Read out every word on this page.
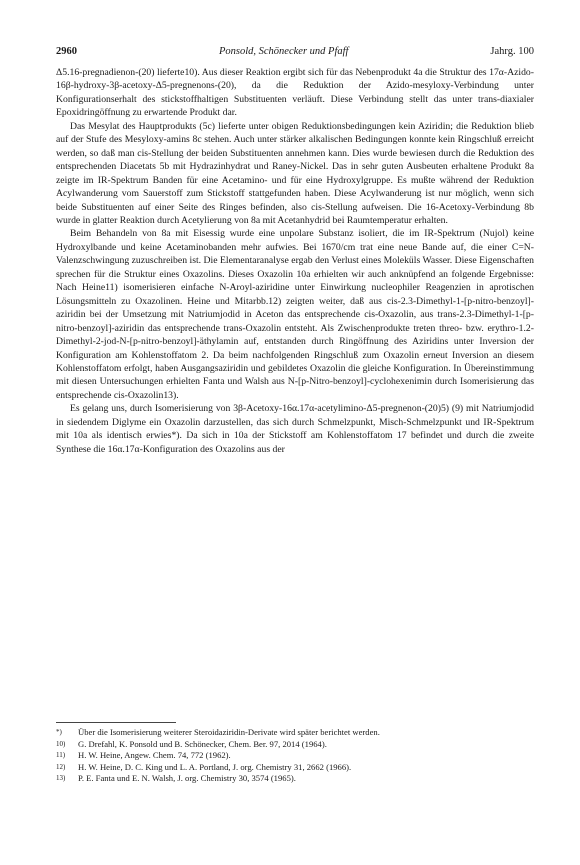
2960	Ponsold, Schönecker und Pfaff	Jahrg. 100

Δ5.16-pregnadienon-(20) lieferte10). Aus dieser Reaktion ergibt sich für das Nebenprodukt 4a die Struktur des 17α-Azido-16β-hydroxy-3β-acetoxy-Δ5-pregnenons-(20), da die Reduktion der Azido-mesyloxy-Verbindung unter Konfigurationserhalt des stickstoffhaltigen Substituenten verläuft. Diese Verbindung stellt das unter trans-diaxialer Epoxidringöffnung zu erwartende Produkt dar.

Das Mesylat des Hauptprodukts (5c) lieferte unter obigen Reduktionsbedingungen kein Aziridin; die Reduktion blieb auf der Stufe des Mesyloxy-amins 8c stehen. Auch unter stärker alkalischen Bedingungen konnte kein Ringschluß erreicht werden, so daß man cis-Stellung der beiden Substituenten annehmen kann. Dies wurde bewiesen durch die Reduktion des entsprechenden Diacetats 5b mit Hydrazinhydrat und Raney-Nickel. Das in sehr guten Ausbeuten erhaltene Produkt 8a zeigte im IR-Spektrum Banden für eine Acetamino- und für eine Hydroxylgruppe. Es mußte während der Reduktion Acylwanderung vom Sauerstoff zum Stickstoff stattgefunden haben. Diese Acylwanderung ist nur möglich, wenn sich beide Substituenten auf einer Seite des Ringes befinden, also cis-Stellung aufweisen. Die 16-Acetoxy-Verbindung 8b wurde in glatter Reaktion durch Acetylierung von 8a mit Acetanhydrid bei Raumtemperatur erhalten.

Beim Behandeln von 8a mit Eisessig wurde eine unpolare Substanz isoliert, die im IR-Spektrum (Nujol) keine Hydroxylbande und keine Acetaminobanden mehr aufwies. Bei 1670/cm trat eine neue Bande auf, die einer C=N-Valenzschwingung zuzuschreiben ist. Die Elementaranalyse ergab den Verlust eines Moleküls Wasser. Diese Eigenschaften sprechen für die Struktur eines Oxazolins. Dieses Oxazolin 10a erhielten wir auch anknüpfend an folgende Ergebnisse: Nach Heine11) isomerisieren einfache N-Aroyl-aziridine unter Einwirkung nucleophiler Reagenzien in aprotischen Lösungsmitteln zu Oxazolinen. Heine und Mitarbb.12) zeigten weiter, daß aus cis-2.3-Dimethyl-1-[p-nitro-benzoyl]-aziridin bei der Umsetzung mit Natriumjodid in Aceton das entsprechende cis-Oxazolin, aus trans-2.3-Dimethyl-1-[p-nitro-benzoyl]-aziridin das entsprechende trans-Oxazolin entsteht. Als Zwischenprodukte treten threo- bzw. erythro-1.2-Dimethyl-2-jod-N-[p-nitro-benzoyl]-äthylamin auf, entstanden durch Ringöffnung des Aziridins unter Inversion der Konfiguration am Kohlenstoffatom 2. Da beim nachfolgenden Ringschluß zum Oxazolin erneut Inversion an diesem Kohlenstoffatom erfolgt, haben Ausgangsaziridin und gebildetes Oxazolin die gleiche Konfiguration. In Übereinstimmung mit diesen Untersuchungen erhielten Fanta und Walsh aus N-[p-Nitro-benzoyl]-cyclohexenimin durch Isomerisierung das entsprechende cis-Oxazolin13).

Es gelang uns, durch Isomerisierung von 3β-Acetoxy-16α.17α-acetylimino-Δ5-pregnenon-(20)5) (9) mit Natriumjodid in siedendem Diglyme ein Oxazolin darzustellen, das sich durch Schmelzpunkt, Misch-Schmelzpunkt und IR-Spektrum mit 10a als identisch erwies*). Da sich in 10a der Stickstoff am Kohlenstoffatom 17 befindet und durch die zweite Synthese die 16α.17α-Konfiguration des Oxazolins aus der

*) Über die Isomerisierung weiterer Steroidaziridin-Derivate wird später berichtet werden.
10) G. Drefahl, K. Ponsold und B. Schönecker, Chem. Ber. 97, 2014 (1964).
11) H. W. Heine, Angew. Chem. 74, 772 (1962).
12) H. W. Heine, D. C. King und L. A. Portland, J. org. Chemistry 31, 2662 (1966).
13) P. E. Fanta und E. N. Walsh, J. org. Chemistry 30, 3574 (1965).
